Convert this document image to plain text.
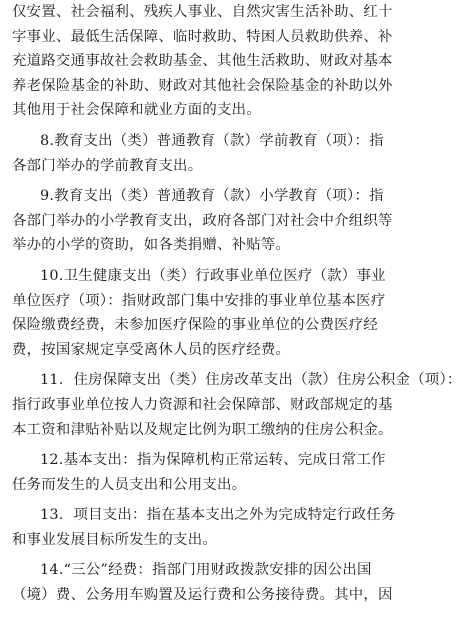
仅安置、社会福利、残疾人事业、自然灾害生活补助、红十
字事业、最低生活保障、临时救助、特困人员救助供养、补
充道路交通事故社会救助基金、其他生活救助、财政对基本
养老保险基金的补助、财政对其他社会保险基金的补助以外
其他用于社会保障和就业方面的支出。
8.教育支出（类）普通教育（款）学前教育（项）：指
各部门举办的学前教育支出。
9.教育支出（类）普通教育（款）小学教育（项）：指
各部门举办的小学教育支出，政府各部门对社会中介组织等
举办的小学的资助，如各类捐赠、补贴等。
10.卫生健康支出（类）行政事业单位医疗（款）事业
单位医疗（项）：指财政部门集中安排的事业单位基本医疗
保险缴费经费，未参加医疗保险的事业单位的公费医疗经
费，按国家规定享受离休人员的医疗经费。
11．住房保障支出（类）住房改革支出（款）住房公积金（项）：
指行政事业单位按人力资源和社会保障部、财政部规定的基
本工资和津贴补贴以及规定比例为职工缴纳的住房公积金。
12.基本支出：指为保障机构正常运转、完成日常工作
任务而发生的人员支出和公用支出。
13．项目支出：指在基本支出之外为完成特定行政任务
和事业发展目标所发生的支出。
14.“三公”经费：指部门用财政拨款安排的因公出国
（境）费、公务用车购置及运行费和公务接待费。其中，因
